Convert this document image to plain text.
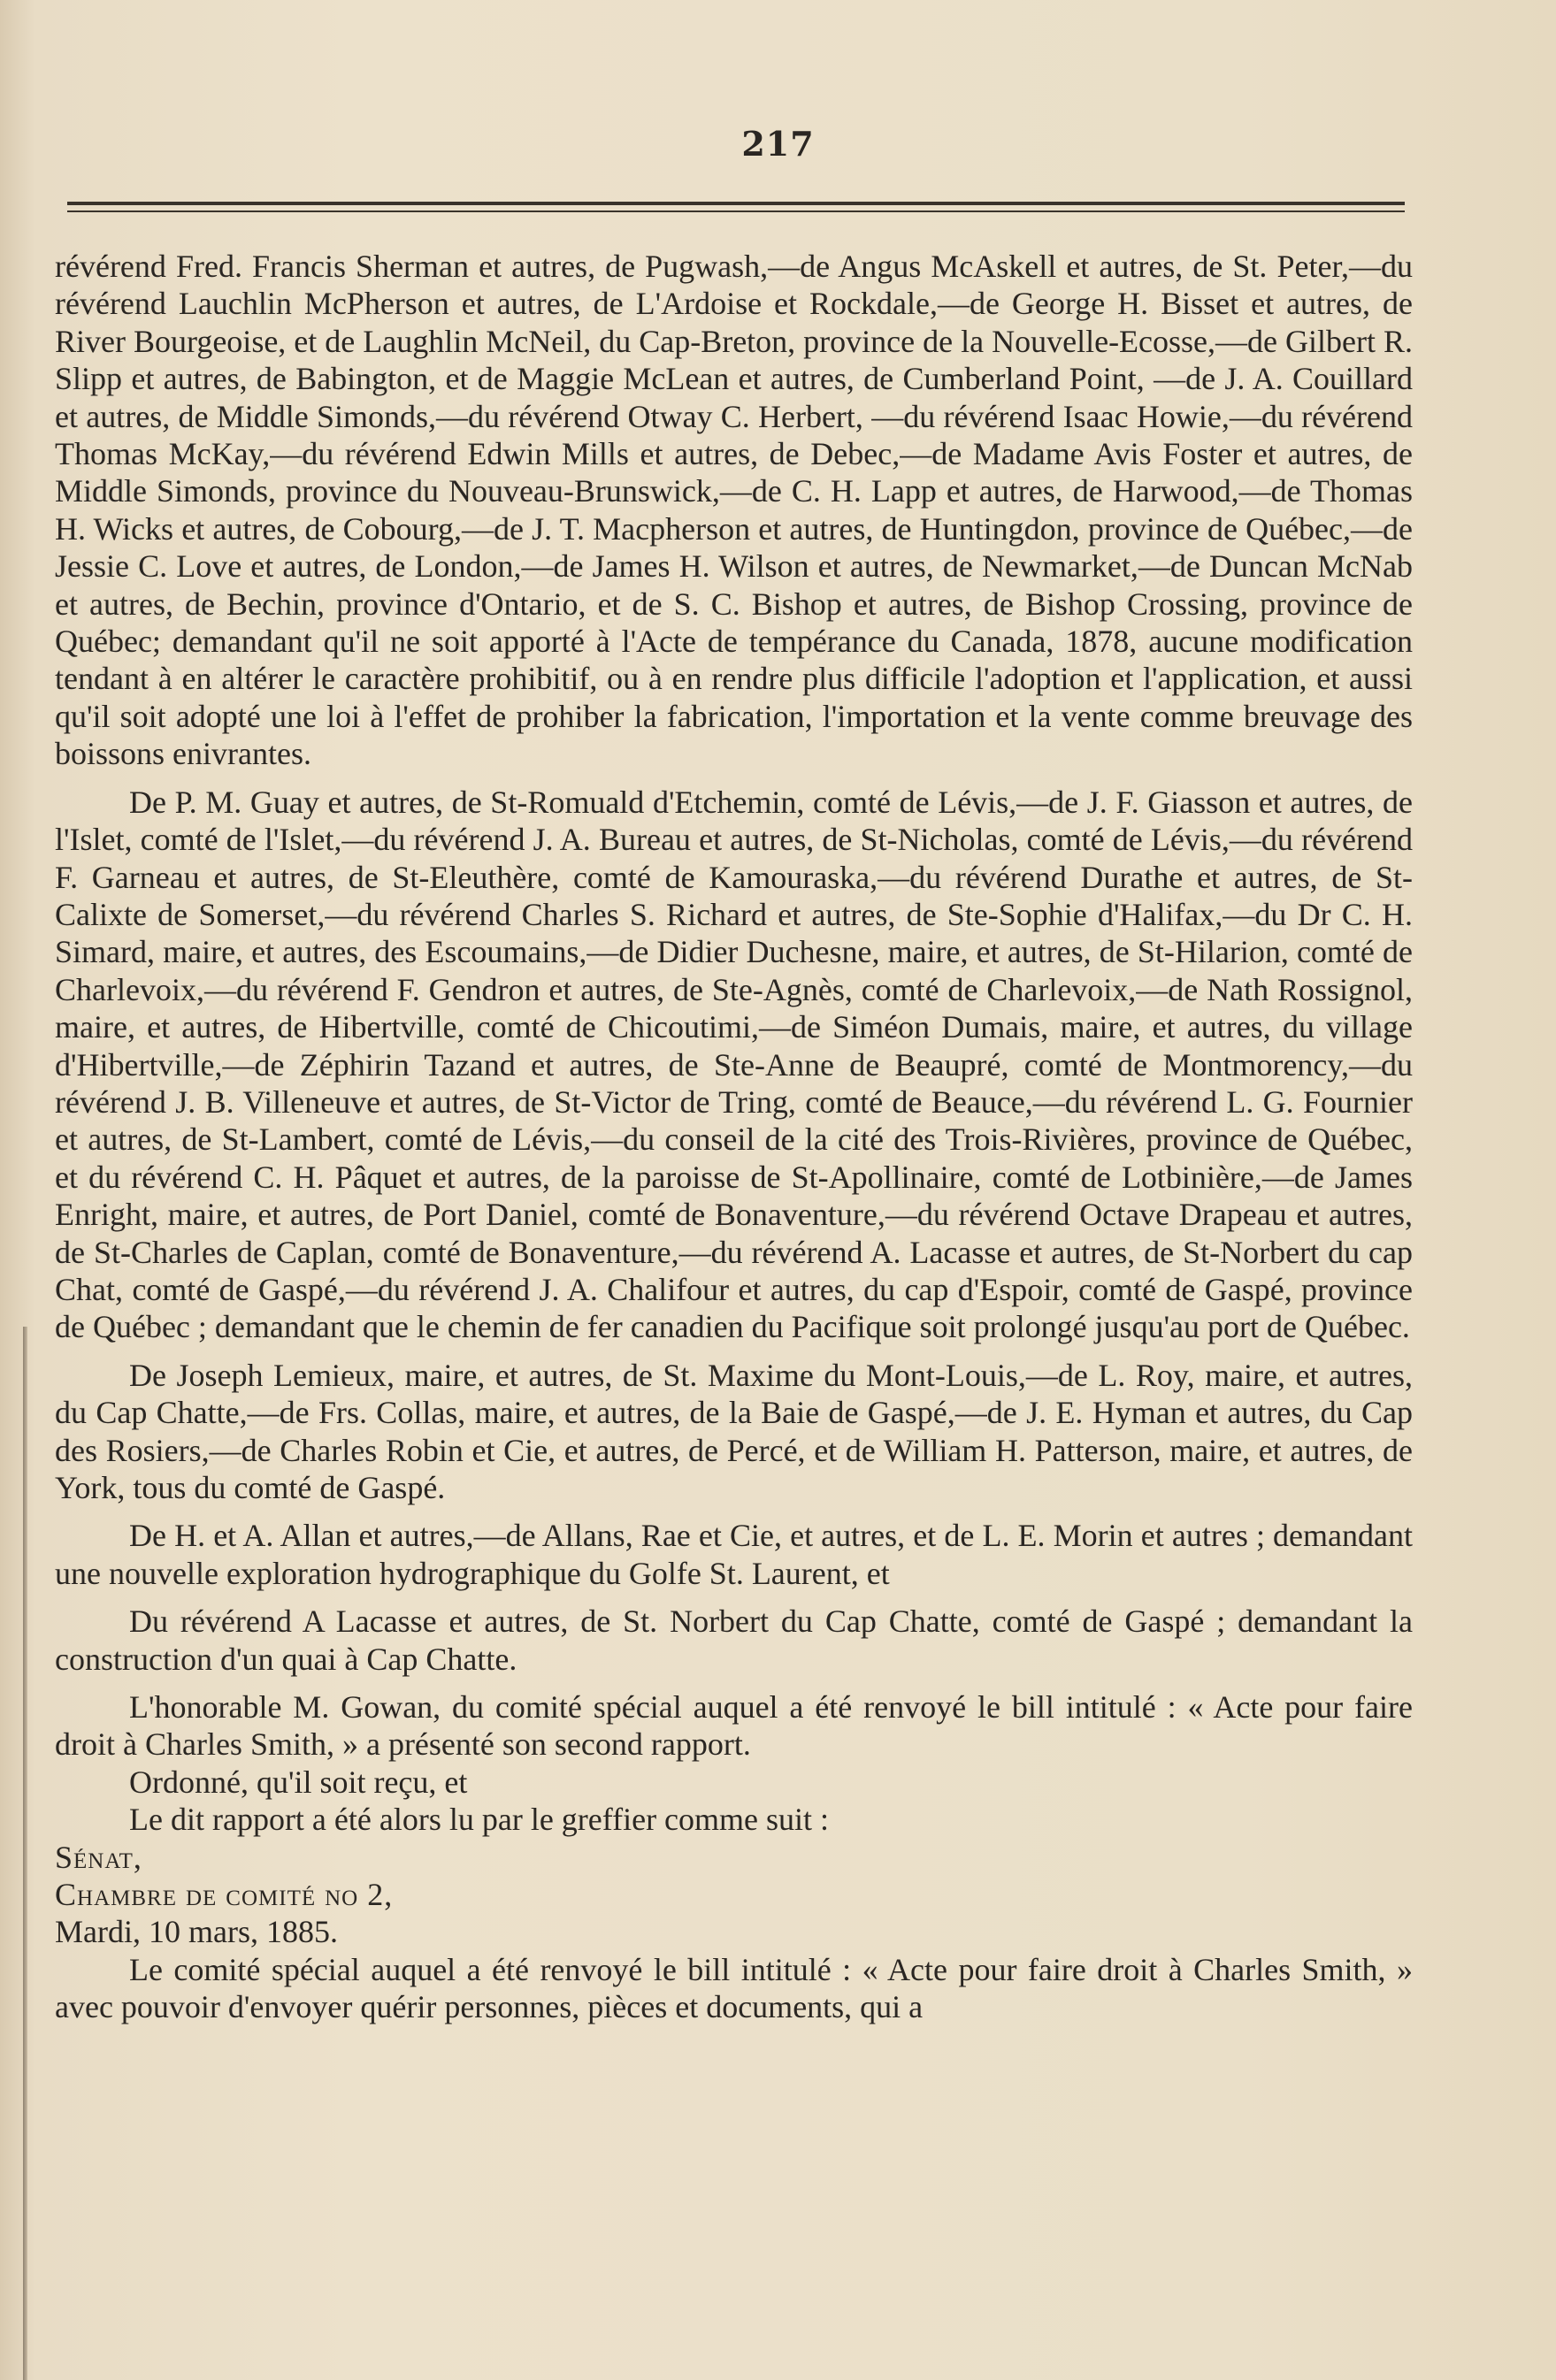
217

révérend Fred. Francis Sherman et autres, de Pugwash,—de Angus McAskell et autres, de St. Peter,—du révérend Lauchlin McPherson et autres, de L'Ardoise et Rockdale,—de George H. Bisset et autres, de River Bourgeoise, et de Laughlin McNeil, du Cap-Breton, province de la Nouvelle-Ecosse,—de Gilbert R. Slipp et autres, de Babington, et de Maggie McLean et autres, de Cumberland Point, —de J. A. Couillard et autres, de Middle Simonds,—du révérend Otway C. Herbert, —du révérend Isaac Howie,—du révérend Thomas McKay,—du révérend Edwin Mills et autres, de Debec,—de Madame Avis Foster et autres, de Middle Simonds, province du Nouveau-Brunswick,—de C. H. Lapp et autres, de Harwood,—de Thomas H. Wicks et autres, de Cobourg,—de J. T. Macpherson et autres, de Huntingdon, province de Québec,—de Jessie C. Love et autres, de London,—de James H. Wilson et autres, de Newmarket,—de Duncan McNab et autres, de Bechin, province d'Ontario, et de S. C. Bishop et autres, de Bishop Crossing, province de Québec; demandant qu'il ne soit apporté à l'Acte de tempérance du Canada, 1878, aucune modification tendant à en altérer le caractère prohibitif, ou à en rendre plus difficile l'adoption et l'application, et aussi qu'il soit adopté une loi à l'effet de prohiber la fabrication, l'importation et la vente comme breuvage des boissons enivrantes.

De P. M. Guay et autres, de St-Romuald d'Etchemin, comté de Lévis,—de J. F. Giasson et autres, de l'Islet, comté de l'Islet,—du révérend J. A. Bureau et autres, de St-Nicholas, comté de Lévis,—du révérend F. Garneau et autres, de St-Eleuthère, comté de Kamouraska,—du révérend Durathe et autres, de St-Calixte de Somerset,—du révérend Charles S. Richard et autres, de Ste-Sophie d'Halifax,—du Dr C. H. Simard, maire, et autres, des Escoumains,—de Didier Duchesne, maire, et autres, de St-Hilarion, comté de Charlevoix,—du révérend F. Gendron et autres, de Ste-Agnès, comté de Charlevoix,—de Nath Rossignol, maire, et autres, de Hibertville, comté de Chicoutimi,—de Siméon Dumais, maire, et autres, du village d'Hibertville,—de Zéphirin Tazand et autres, de Ste-Anne de Beaupré, comté de Montmorency,—du révérend J. B. Villeneuve et autres, de St-Victor de Tring, comté de Beauce,—du révérend L. G. Fournier et autres, de St-Lambert, comté de Lévis,—du conseil de la cité des Trois-Rivières, province de Québec, et du révérend C. H. Pâquet et autres, de la paroisse de St-Apollinaire, comté de Lotbinière,—de James Enright, maire, et autres, de Port Daniel, comté de Bonaventure,—du révérend Octave Drapeau et autres, de St-Charles de Caplan, comté de Bonaventure,—du révérend A. Lacasse et autres, de St-Norbert du cap Chat, comté de Gaspé,—du révérend J. A. Chalifour et autres, du cap d'Espoir, comté de Gaspé, province de Québec ; demandant que le chemin de fer canadien du Pacifique soit prolongé jusqu'au port de Québec.

De Joseph Lemieux, maire, et autres, de St. Maxime du Mont-Louis,—de L. Roy, maire, et autres, du Cap Chatte,—de Frs. Collas, maire, et autres, de la Baie de Gaspé,—de J. E. Hyman et autres, du Cap des Rosiers,—de Charles Robin et Cie, et autres, de Percé, et de William H. Patterson, maire, et autres, de York, tous du comté de Gaspé.

De H. et A. Allan et autres,—de Allans, Rae et Cie, et autres, et de L. E. Morin et autres ; demandant une nouvelle exploration hydrographique du Golfe St. Laurent, et

Du révérend A Lacasse et autres, de St. Norbert du Cap Chatte, comté de Gaspé ; demandant la construction d'un quai à Cap Chatte.

L'honorable M. Gowan, du comité spécial auquel a été renvoyé le bill intitulé : « Acte pour faire droit à Charles Smith, » a présenté son second rapport.

Ordonné, qu'il soit reçu, et

Le dit rapport a été alors lu par le greffier comme suit :

Sénat,

Chambre de comité no 2,

Mardi, 10 mars, 1885.

Le comité spécial auquel a été renvoyé le bill intitulé : « Acte pour faire droit à Charles Smith, » avec pouvoir d'envoyer quérir personnes, pièces et documents, qui a
